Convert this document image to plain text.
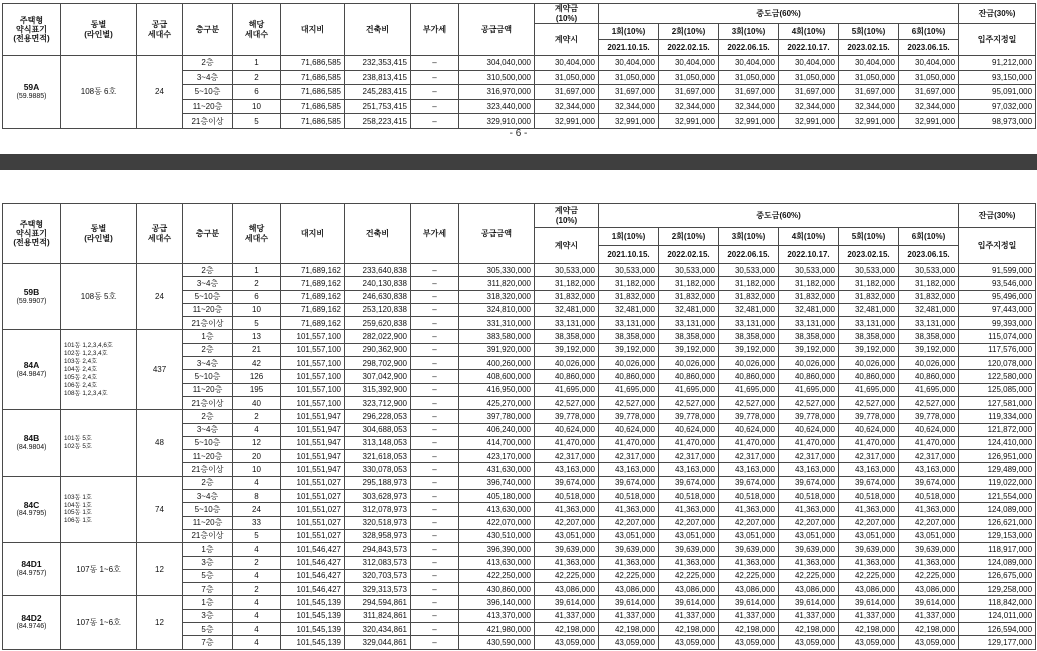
주택형
약식표기
(전용면적)	동별
(라인별)	공급
세대수	층구분	해당
세대수	대지비	건축비	부가세	공급금액	계약금
(10%)	중도금(60%)						잔금(30%)
									계약시	1회(10%)	2회(10%)	3회(10%)	4회(10%)	5회(10%)	6회(10%)	입주지정일
										2021.10.15.	2022.02.15.	2022.06.15.	2022.10.17.	2023.02.15.	2023.06.15.	

59A
(59.9885)	108동 6호	24	2층	1	71,686,585	232,353,415	–	304,040,000	30,404,000	30,404,000	30,404,000	30,404,000	30,404,000	30,404,000	30,404,000	91,212,000
			3~4층	2	71,686,585	238,813,415	–	310,500,000	31,050,000	31,050,000	31,050,000	31,050,000	31,050,000	31,050,000	31,050,000	93,150,000
			5~10층	6	71,686,585	245,283,415	–	316,970,000	31,697,000	31,697,000	31,697,000	31,697,000	31,697,000	31,697,000	31,697,000	95,091,000
			11~20층	10	71,686,585	251,753,415	–	323,440,000	32,344,000	32,344,000	32,344,000	32,344,000	32,344,000	32,344,000	32,344,000	97,032,000
			21층이상	5	71,686,585	258,223,415	–	329,910,000	32,991,000	32,991,000	32,991,000	32,991,000	32,991,000	32,991,000	32,991,000	98,973,000
- 6 -
주택형
약식표기
(전용면적)	동별
(라인별)	공급
세대수	층구분	해당
세대수	대지비	건축비	부가세	공급금액	계약금
(10%)	중도금(60%)						잔금(30%)
									계약시	1회(10%)	2회(10%)	3회(10%)	4회(10%)	5회(10%)	6회(10%)	입주지정일
										2021.10.15.	2022.02.15.	2022.06.15.	2022.10.17.	2023.02.15.	2023.06.15.	

59B
(59.9907)	108동 5호	24	2층	1	71,689,162	233,640,838	–	305,330,000	30,533,000	30,533,000	30,533,000	30,533,000	30,533,000	30,533,000	30,533,000	91,599,000
			3~4층	2	71,689,162	240,130,838	–	311,820,000	31,182,000	31,182,000	31,182,000	31,182,000	31,182,000	31,182,000	31,182,000	93,546,000
			5~10층	6	71,689,162	246,630,838	–	318,320,000	31,832,000	31,832,000	31,832,000	31,832,000	31,832,000	31,832,000	31,832,000	95,496,000
			11~20층	10	71,689,162	253,120,838	–	324,810,000	32,481,000	32,481,000	32,481,000	32,481,000	32,481,000	32,481,000	32,481,000	97,443,000
			21층이상	5	71,689,162	259,620,838	–	331,310,000	33,131,000	33,131,000	33,131,000	33,131,000	33,131,000	33,131,000	33,131,000	99,393,000

84A
(84.9847)
	101동 1,2,3,4,6호
102동 1,2,3,4호
103동 2,4호
104동 2,4호
105동 2,4호
106동 2,4호
108동 1,2,3,4호	437	1층	13	101,557,100	282,022,900	–	383,580,000	38,358,000	38,358,000	38,358,000	38,358,000	38,358,000	38,358,000	38,358,000	115,074,000
			2층	21	101,557,100	290,362,900	–	391,920,000	39,192,000	39,192,000	39,192,000	39,192,000	39,192,000	39,192,000	39,192,000	117,576,000
			3~4층	42	101,557,100	298,702,900	–	400,260,000	40,026,000	40,026,000	40,026,000	40,026,000	40,026,000	40,026,000	40,026,000	120,078,000
			5~10층	126	101,557,100	307,042,900	–	408,600,000	40,860,000	40,860,000	40,860,000	40,860,000	40,860,000	40,860,000	40,860,000	122,580,000
			11~20층	195	101,557,100	315,392,900	–	416,950,000	41,695,000	41,695,000	41,695,000	41,695,000	41,695,000	41,695,000	41,695,000	125,085,000
			21층이상	40	101,557,100	323,712,900	–	425,270,000	42,527,000	42,527,000	42,527,000	42,527,000	42,527,000	42,527,000	42,527,000	127,581,000

84B
(84.9804)
	101동 5호
102동 5호	48	2층	2	101,551,947	296,228,053	–	397,780,000	39,778,000	39,778,000	39,778,000	39,778,000	39,778,000	39,778,000	39,778,000	119,334,000
			3~4층	4	101,551,947	304,688,053	–	406,240,000	40,624,000	40,624,000	40,624,000	40,624,000	40,624,000	40,624,000	40,624,000	121,872,000
			5~10층	12	101,551,947	313,148,053	–	414,700,000	41,470,000	41,470,000	41,470,000	41,470,000	41,470,000	41,470,000	41,470,000	124,410,000
			11~20층	20	101,551,947	321,618,053	–	423,170,000	42,317,000	42,317,000	42,317,000	42,317,000	42,317,000	42,317,000	42,317,000	126,951,000
			21층이상	10	101,551,947	330,078,053	–	431,630,000	43,163,000	43,163,000	43,163,000	43,163,000	43,163,000	43,163,000	43,163,000	129,489,000

84C
(84.9795)
	103동 1호
104동 1호
105동 1호
106동 1호	74	2층	4	101,551,027	295,188,973	–	396,740,000	39,674,000	39,674,000	39,674,000	39,674,000	39,674,000	39,674,000	39,674,000	119,022,000
			3~4층	8	101,551,027	303,628,973	–	405,180,000	40,518,000	40,518,000	40,518,000	40,518,000	40,518,000	40,518,000	40,518,000	121,554,000
			5~10층	24	101,551,027	312,078,973	–	413,630,000	41,363,000	41,363,000	41,363,000	41,363,000	41,363,000	41,363,000	41,363,000	124,089,000
			11~20층	33	101,551,027	320,518,973	–	422,070,000	42,207,000	42,207,000	42,207,000	42,207,000	42,207,000	42,207,000	42,207,000	126,621,000
			21층이상	5	101,551,027	328,958,973	–	430,510,000	43,051,000	43,051,000	43,051,000	43,051,000	43,051,000	43,051,000	43,051,000	129,153,000

84D1
(84.9757)	107동 1~6호	12	1층	4	101,546,427	294,843,573	–	396,390,000	39,639,000	39,639,000	39,639,000	39,639,000	39,639,000	39,639,000	39,639,000	118,917,000
			3층	2	101,546,427	312,083,573	–	413,630,000	41,363,000	41,363,000	41,363,000	41,363,000	41,363,000	41,363,000	41,363,000	124,089,000
			5층	4	101,546,427	320,703,573	–	422,250,000	42,225,000	42,225,000	42,225,000	42,225,000	42,225,000	42,225,000	42,225,000	126,675,000
			7층	2	101,546,427	329,313,573	–	430,860,000	43,086,000	43,086,000	43,086,000	43,086,000	43,086,000	43,086,000	43,086,000	129,258,000

84D2
(84.9746)	107동 1~6호	12	1층	4	101,545,139	294,594,861	–	396,140,000	39,614,000	39,614,000	39,614,000	39,614,000	39,614,000	39,614,000	39,614,000	118,842,000
			3층	4	101,545,139	311,824,861	–	413,370,000	41,337,000	41,337,000	41,337,000	41,337,000	41,337,000	41,337,000	41,337,000	124,011,000
			5층	4	101,545,139	320,434,861	–	421,980,000	42,198,000	42,198,000	42,198,000	42,198,000	42,198,000	42,198,000	42,198,000	126,594,000
			7층	4	101,545,139	329,044,861	–	430,590,000	43,059,000	43,059,000	43,059,000	43,059,000	43,059,000	43,059,000	43,059,000	129,177,000
